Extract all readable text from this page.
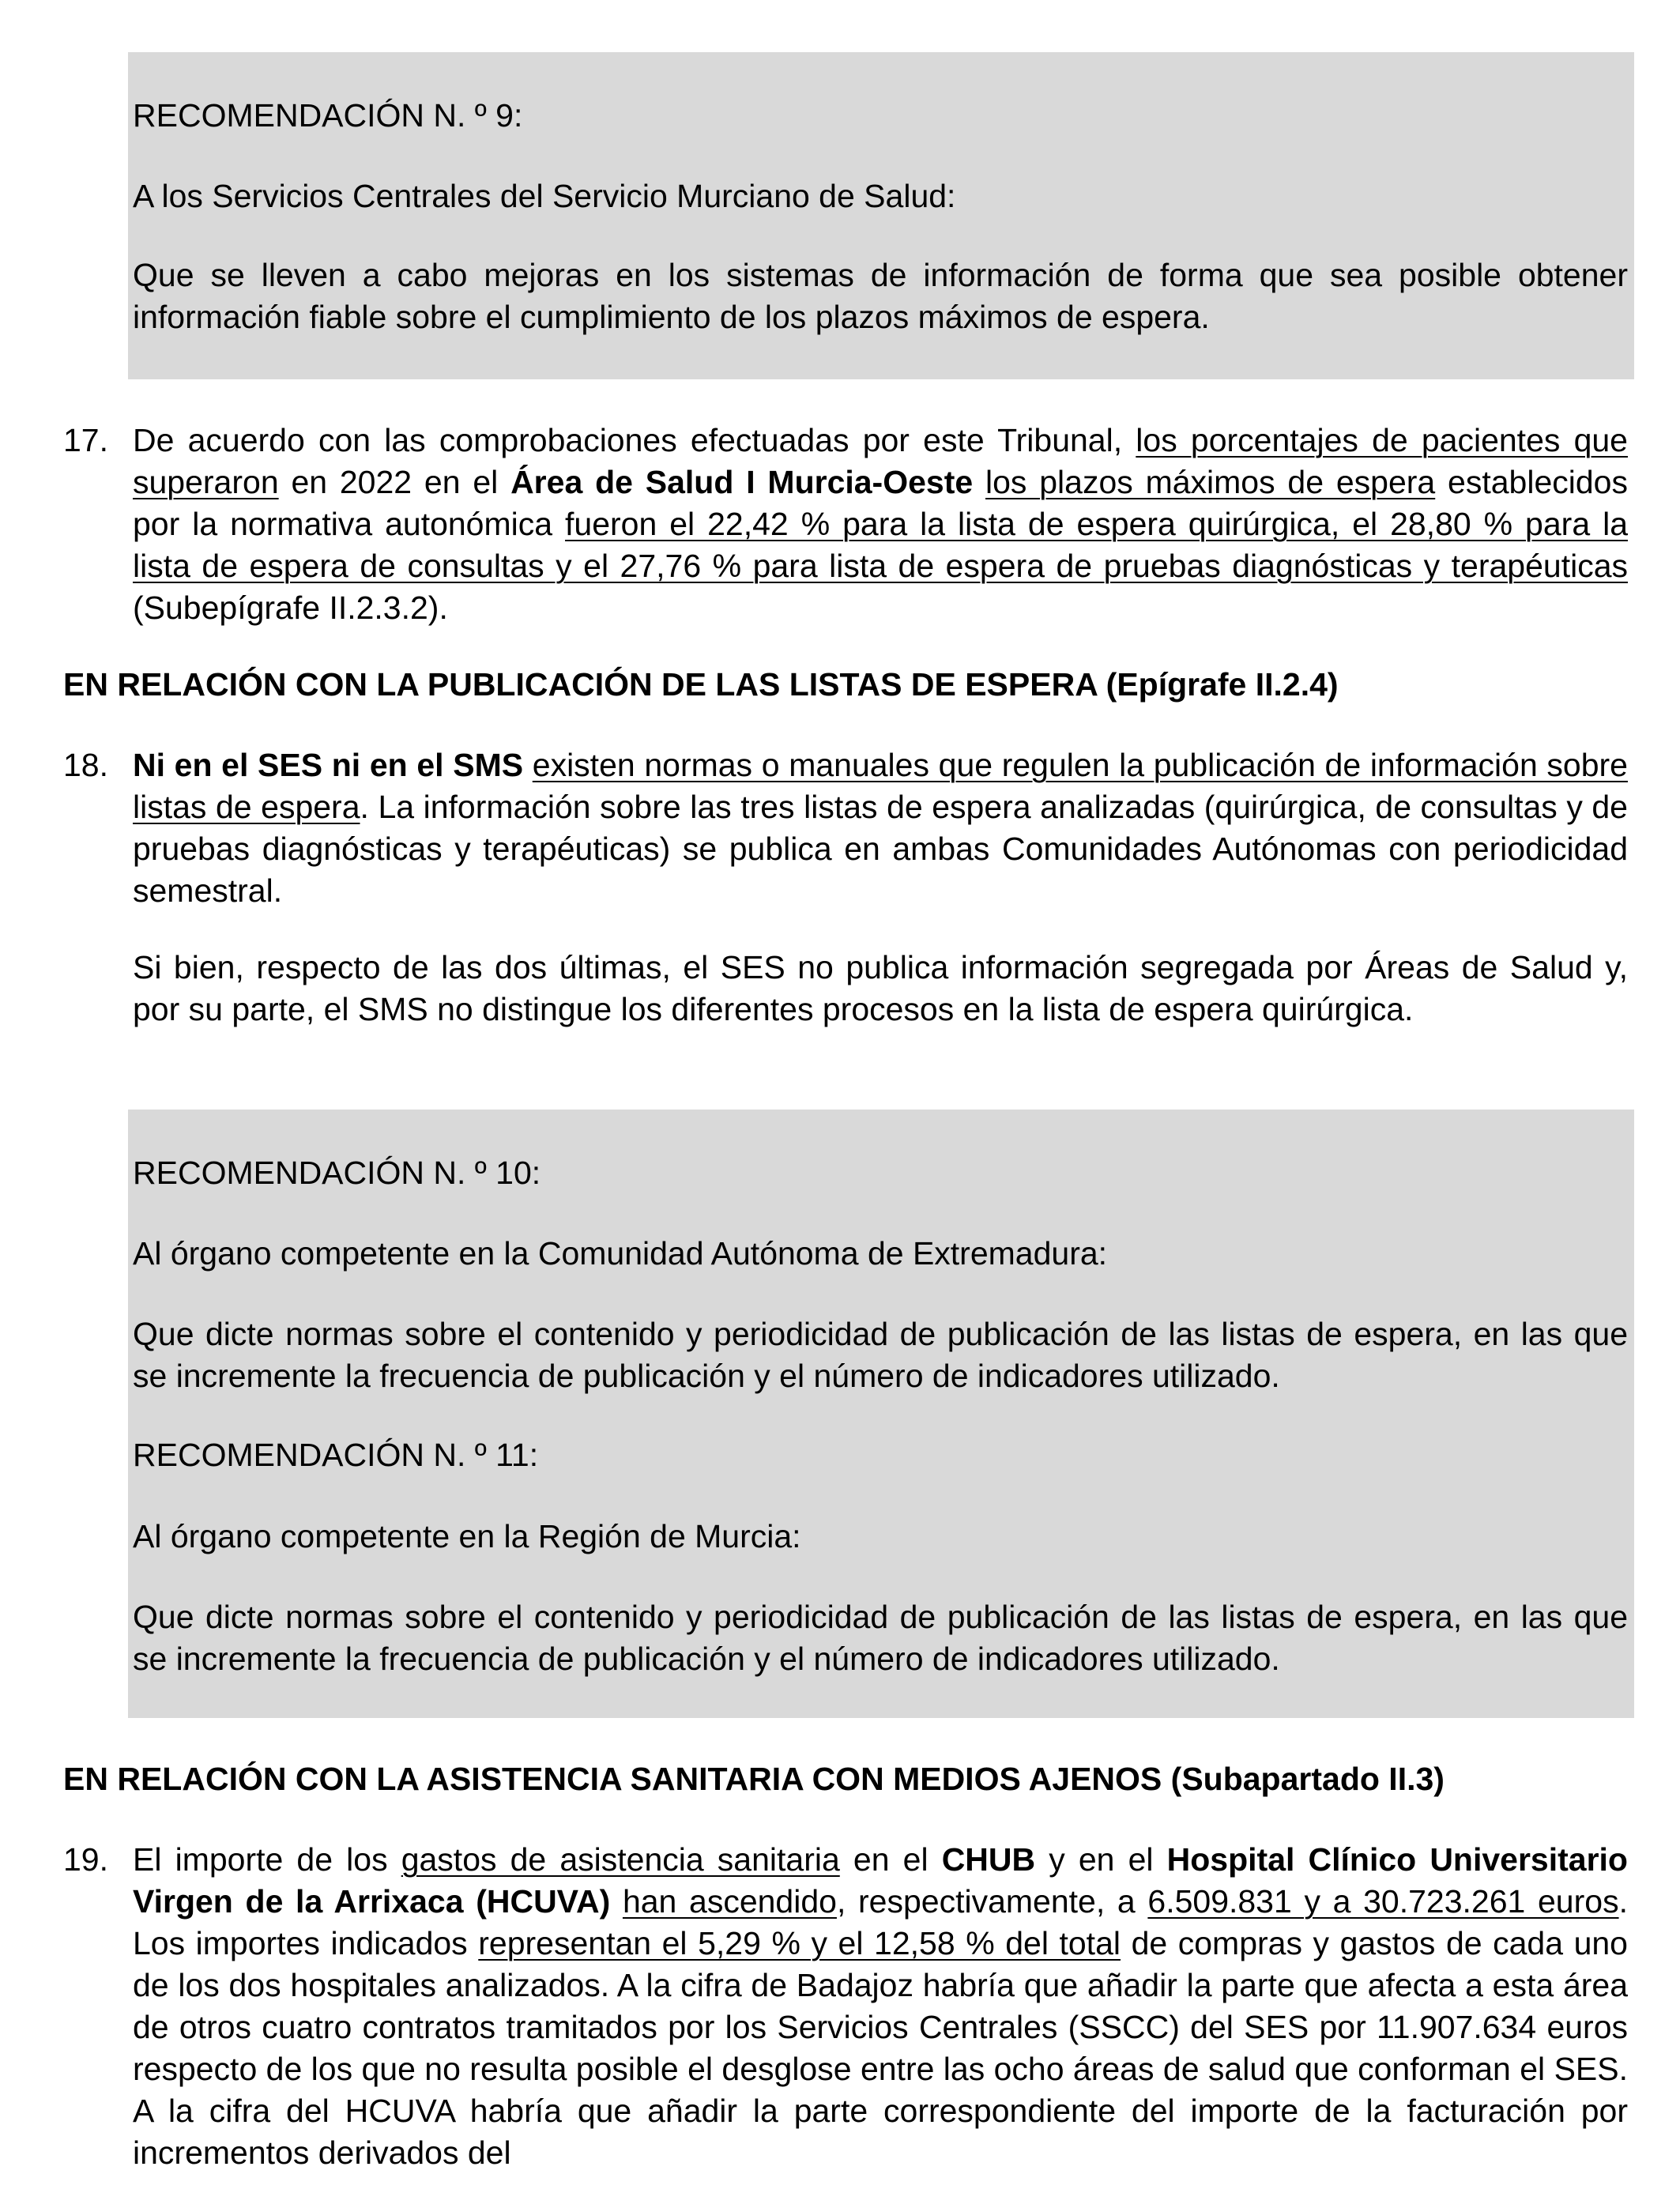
RECOMENDACIÓN N. º 9:

A los Servicios Centrales del Servicio Murciano de Salud:

Que se lleven a cabo mejoras en los sistemas de información de forma que sea posible obtener información fiable sobre el cumplimiento de los plazos máximos de espera.

17. De acuerdo con las comprobaciones efectuadas por este Tribunal, los porcentajes de pacientes que superaron en 2022 en el Área de Salud I Murcia-Oeste los plazos máximos de espera establecidos por la normativa autonómica fueron el 22,42 % para la lista de espera quirúrgica, el 28,80 % para la lista de espera de consultas y el 27,76 % para lista de espera de pruebas diagnósticas y terapéuticas (Subepígrafe II.2.3.2).

EN RELACIÓN CON LA PUBLICACIÓN DE LAS LISTAS DE ESPERA (Epígrafe II.2.4)

18. Ni en el SES ni en el SMS existen normas o manuales que regulen la publicación de información sobre listas de espera. La información sobre las tres listas de espera analizadas (quirúrgica, de consultas y de pruebas diagnósticas y terapéuticas) se publica en ambas Comunidades Autónomas con periodicidad semestral.

Si bien, respecto de las dos últimas, el SES no publica información segregada por Áreas de Salud y, por su parte, el SMS no distingue los diferentes procesos en la lista de espera quirúrgica.

RECOMENDACIÓN N. º 10:

Al órgano competente en la Comunidad Autónoma de Extremadura:

Que dicte normas sobre el contenido y periodicidad de publicación de las listas de espera, en las que se incremente la frecuencia de publicación y el número de indicadores utilizado.

RECOMENDACIÓN N. º 11:

Al órgano competente en la Región de Murcia:

Que dicte normas sobre el contenido y periodicidad de publicación de las listas de espera, en las que se incremente la frecuencia de publicación y el número de indicadores utilizado.

EN RELACIÓN CON LA ASISTENCIA SANITARIA CON MEDIOS AJENOS (Subapartado II.3)

19. El importe de los gastos de asistencia sanitaria en el CHUB y en el Hospital Clínico Universitario Virgen de la Arrixaca (HCUVA) han ascendido, respectivamente, a 6.509.831 y a 30.723.261 euros. Los importes indicados representan el 5,29 % y el 12,58 % del total de compras y gastos de cada uno de los dos hospitales analizados. A la cifra de Badajoz habría que añadir la parte que afecta a esta área de otros cuatro contratos tramitados por los Servicios Centrales (SSCC) del SES por 11.907.634 euros respecto de los que no resulta posible el desglose entre las ocho áreas de salud que conforman el SES. A la cifra del HCUVA habría que añadir la parte correspondiente del importe de la facturación por incrementos derivados del
